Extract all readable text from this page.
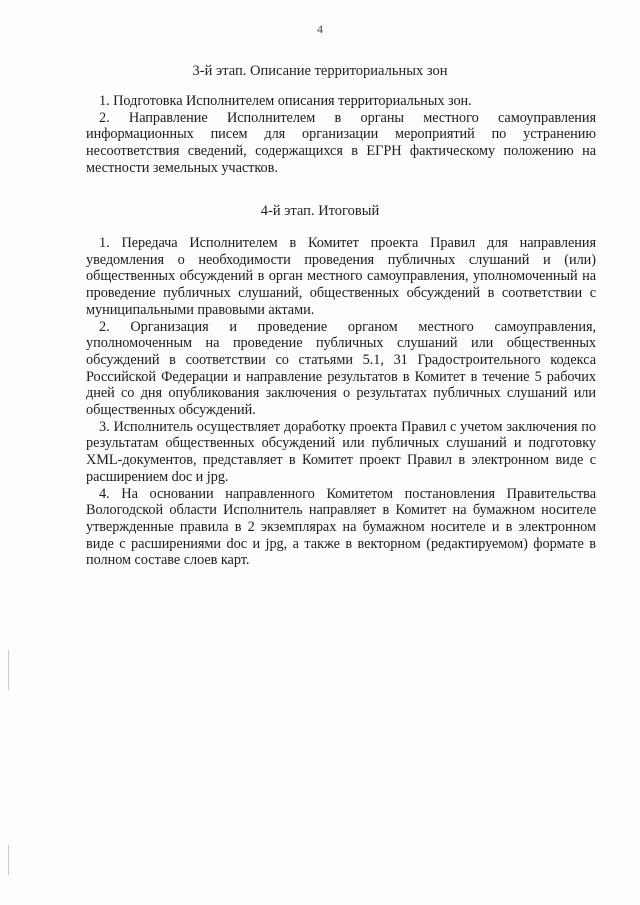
4
3-й этап. Описание территориальных зон

1. Подготовка Исполнителем описания территориальных зон.

2. Направление Исполнителем в органы местного самоуправления информационных писем для организации мероприятий по устранению несоответствия сведений, содержащихся в ЕГРН фактическому положению на местности земельных участков.

4-й этап. Итоговый

1. Передача Исполнителем в Комитет проекта Правил для направления уведомления о необходимости проведения публичных слушаний и (или) общественных обсуждений в орган местного самоуправления, уполномоченный на проведение публичных слушаний, общественных обсуждений в соответствии с муниципальными правовыми актами.

2. Организация и проведение органом местного самоуправления, уполномоченным на проведение публичных слушаний или общественных обсуждений в соответствии со статьями 5.1, 31 Градостроительного кодекса Российской Федерации и направление результатов в Комитет в течение 5 рабочих дней со дня опубликования заключения о результатах публичных слушаний или общественных обсуждений.

3. Исполнитель осуществляет доработку проекта Правил с учетом заключения по результатам общественных обсуждений или публичных слушаний и подготовку XML-документов, представляет в Комитет проект Правил в электронном виде с расширением doc и jpg.

4. На основании направленного Комитетом постановления Правительства Вологодской области Исполнитель направляет в Комитет на бумажном носителе утвержденные правила в 2 экземплярах на бумажном носителе и в электронном виде с расширениями doc и jpg, а также в векторном (редактируемом) формате в полном составе слоев карт.
